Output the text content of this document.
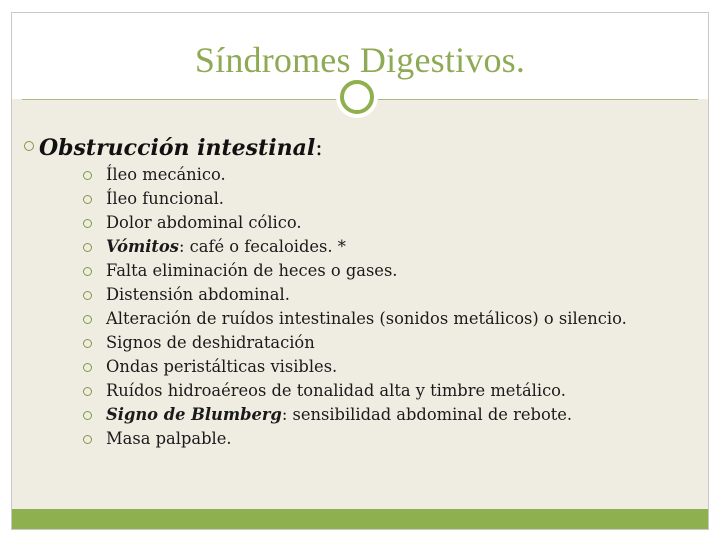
Síndromes Digestivos.
Obstrucción intestinal:
Íleo mecánico.
Íleo funcional.
Dolor abdominal cólico.
Vómitos: café o fecaloides. *
Falta eliminación de heces o gases.
Distensión abdominal.
Alteración de ruídos intestinales (sonidos metálicos) o silencio.
Signos de deshidratación
Ondas peristálticas visibles.
Ruídos hidroaéreos de tonalidad alta y timbre metálico.
Signo de Blumberg: sensibilidad abdominal de rebote.
Masa palpable.
